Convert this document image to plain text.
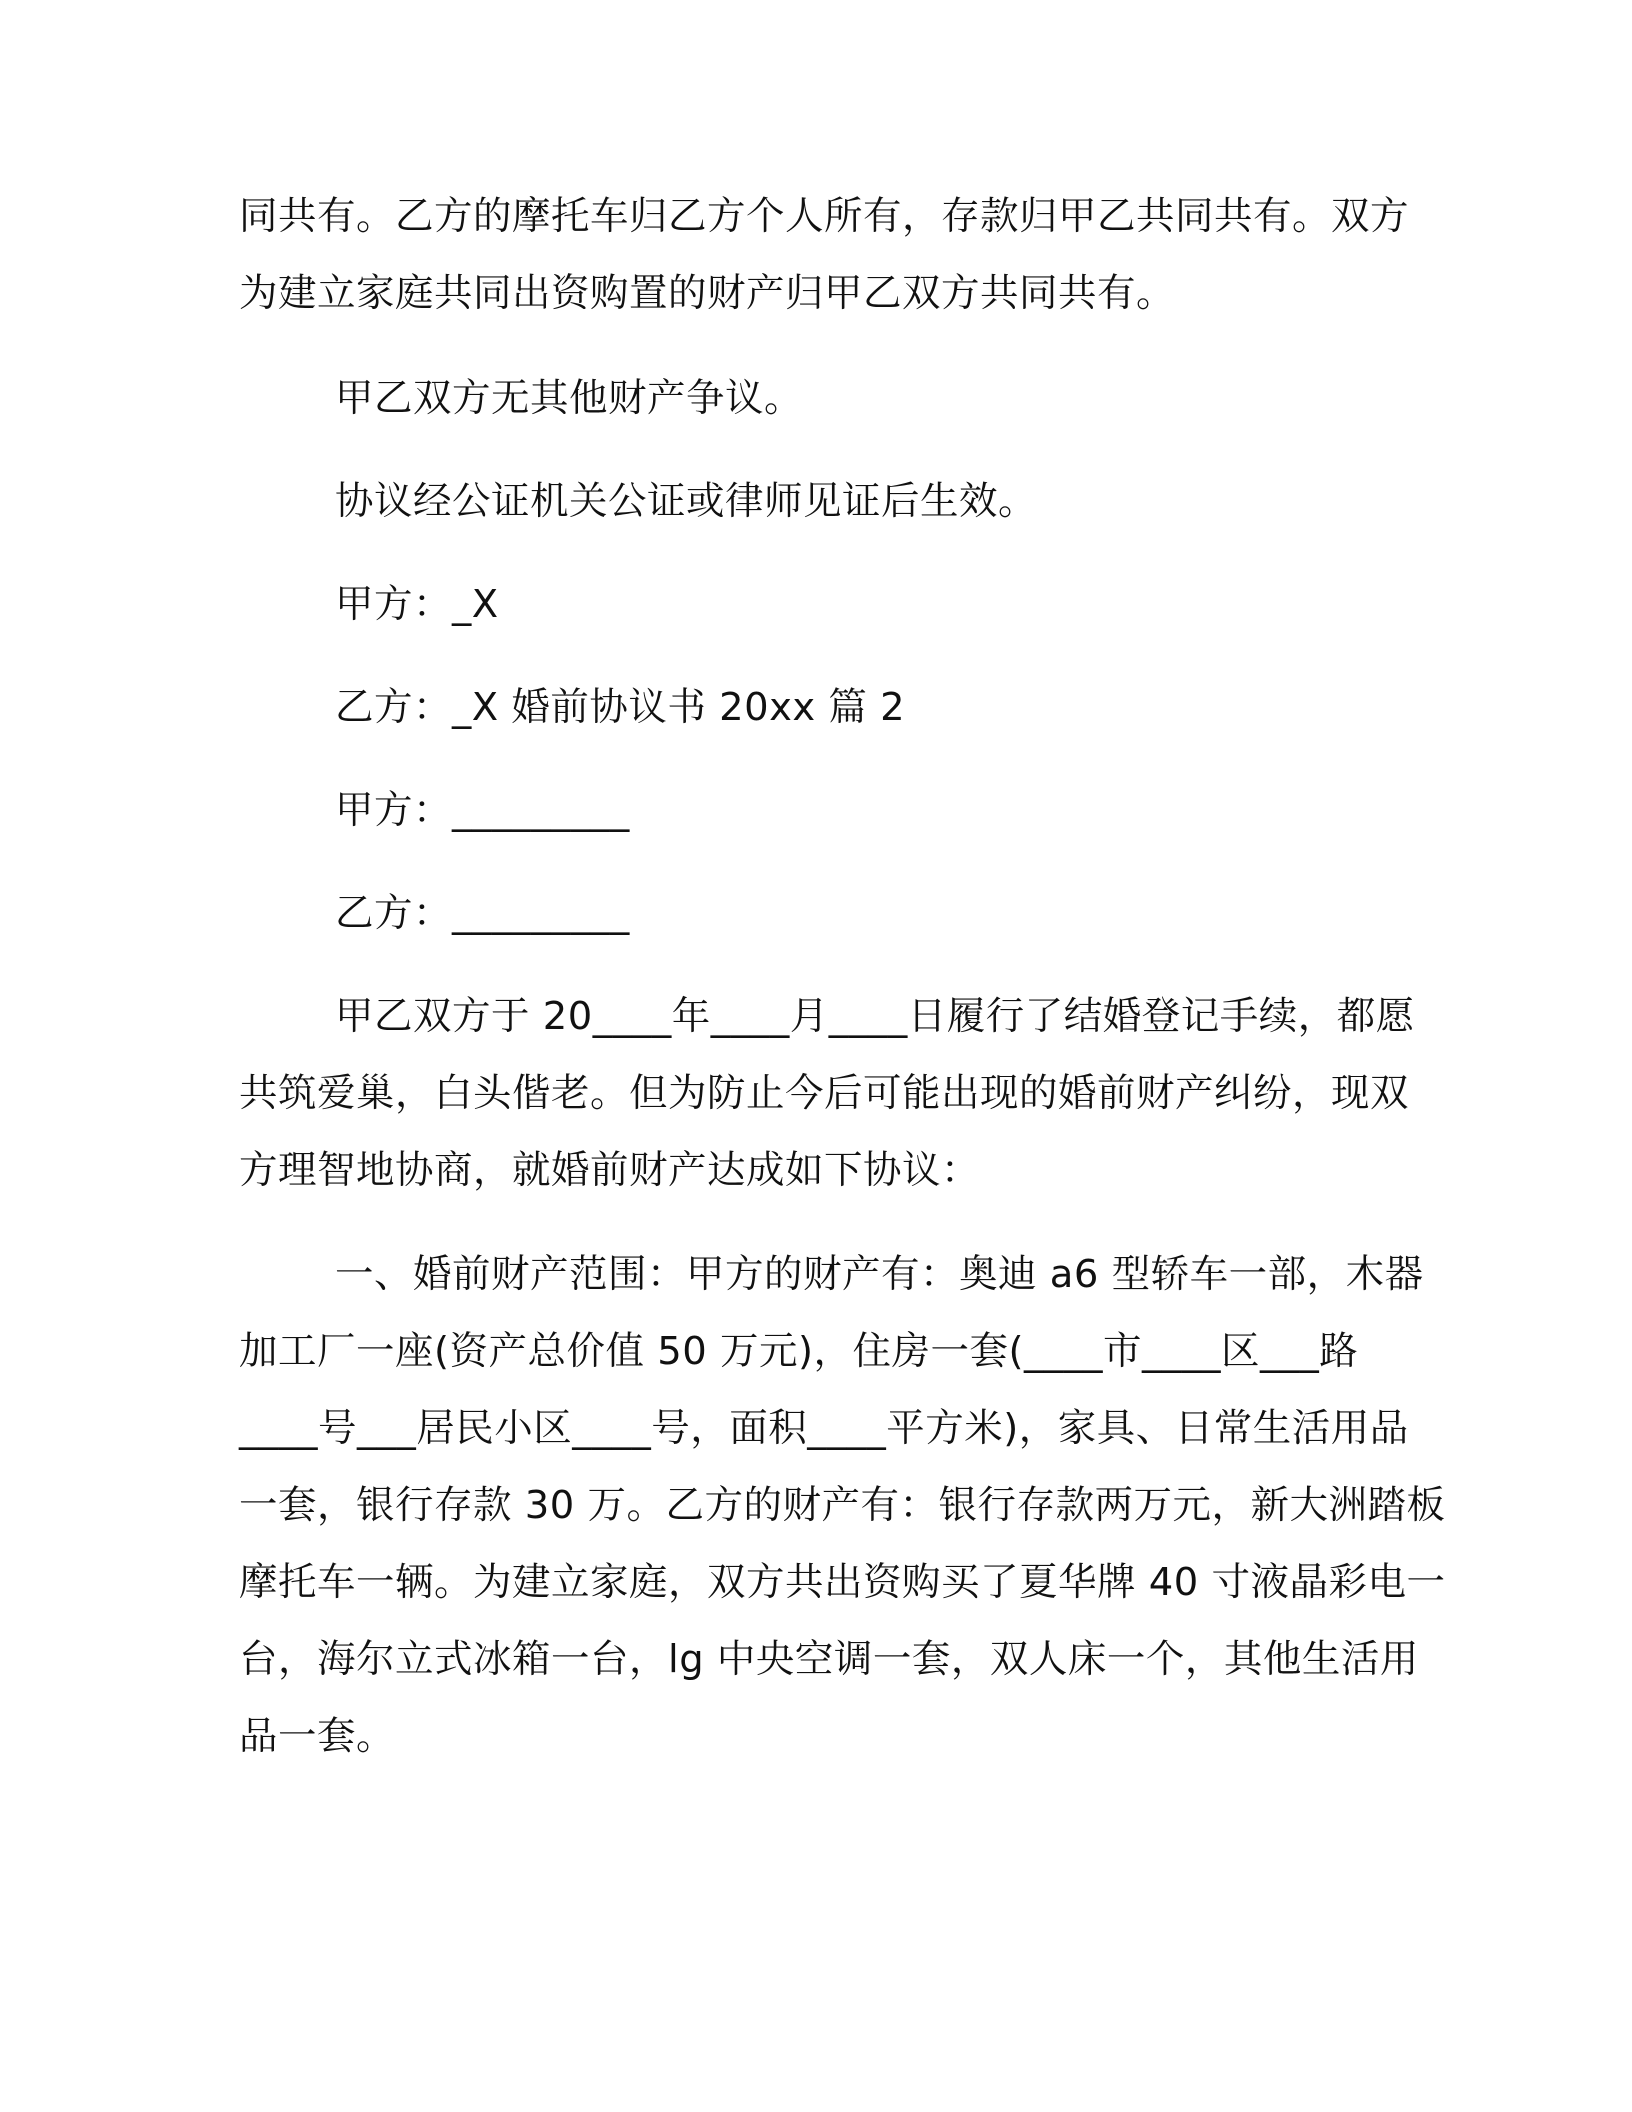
同共有。乙方的摩托车归乙方个人所有，存款归甲乙共同共有。双方
为建立家庭共同出资购置的财产归甲乙双方共同共有。
甲乙双方无其他财产争议。
协议经公证机关公证或律师见证后生效。
甲方：_X
乙方：_X 婚前协议书 20xx 篇 2
甲方：_________
乙方：_________
甲乙双方于 20____年____月____日履行了结婚登记手续，都愿
共筑爱巢，白头偕老。但为防止今后可能出现的婚前财产纠纷，现双
方理智地协商，就婚前财产达成如下协议：
一、婚前财产范围：甲方的财产有：奥迪 a6 型轿车一部，木器
加工厂一座(资产总价值 50 万元)，住房一套(____市____区___路
____号___居民小区____号，面积____平方米)，家具、日常生活用品
一套，银行存款 30 万。乙方的财产有：银行存款两万元，新大洲踏板
摩托车一辆。为建立家庭，双方共出资购买了夏华牌 40 寸液晶彩电一
台，海尔立式冰箱一台，lg 中央空调一套，双人床一个，其他生活用
品一套。
